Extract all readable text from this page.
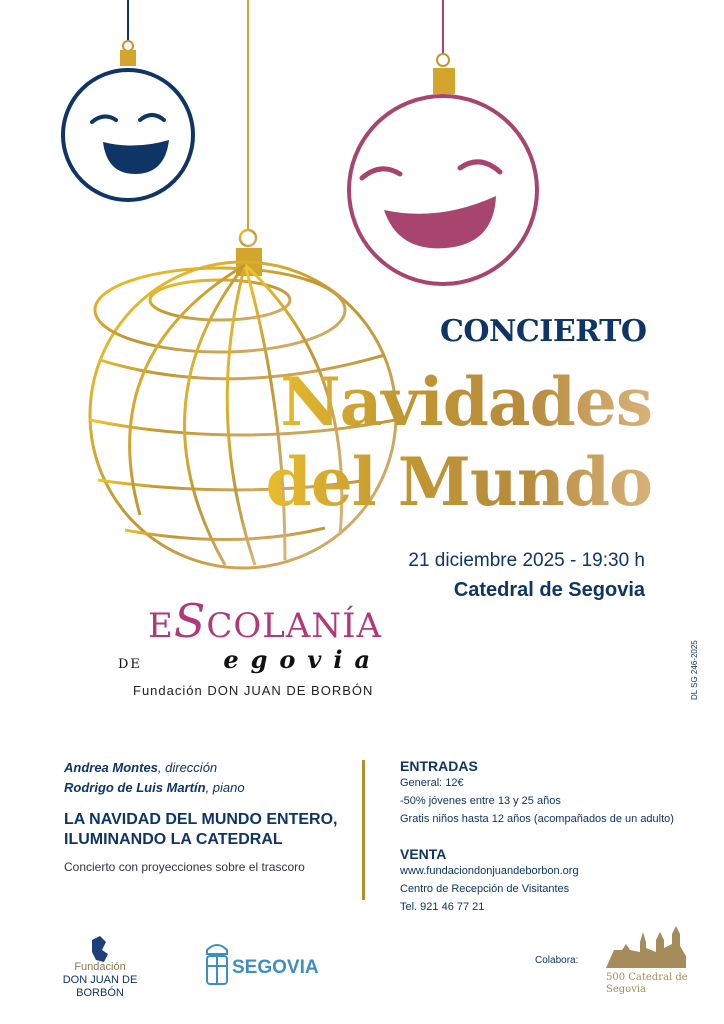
CONCIERTO
Navidades
del Mundo
21 diciembre 2025 - 19:30 h
Catedral de Segovia
ESCOLANÍA
DE	egovia
Fundación DON JUAN DE BORBÓN	DL SG 246-2025
Andrea Montes, dirección
Rodrigo de Luis Martín, piano
LA NAVIDAD DEL MUNDO ENTERO,
ILUMINANDO LA CATEDRAL
Concierto con proyecciones sobre el trascoro
ENTRADAS
General: 12€
-50% jóvenes entre 13 y 25 años
Gratis niños hasta 12 años (acompañados de un adulto)
VENTA
www.fundaciondonjuandeborbon.org
Centro de Recepción de Visitantes
Tel. 921 46 77 21
Fundación
DON JUAN DE BORBÓN
SEGOVIA	Colabora:
500 Catedral de Segovia
